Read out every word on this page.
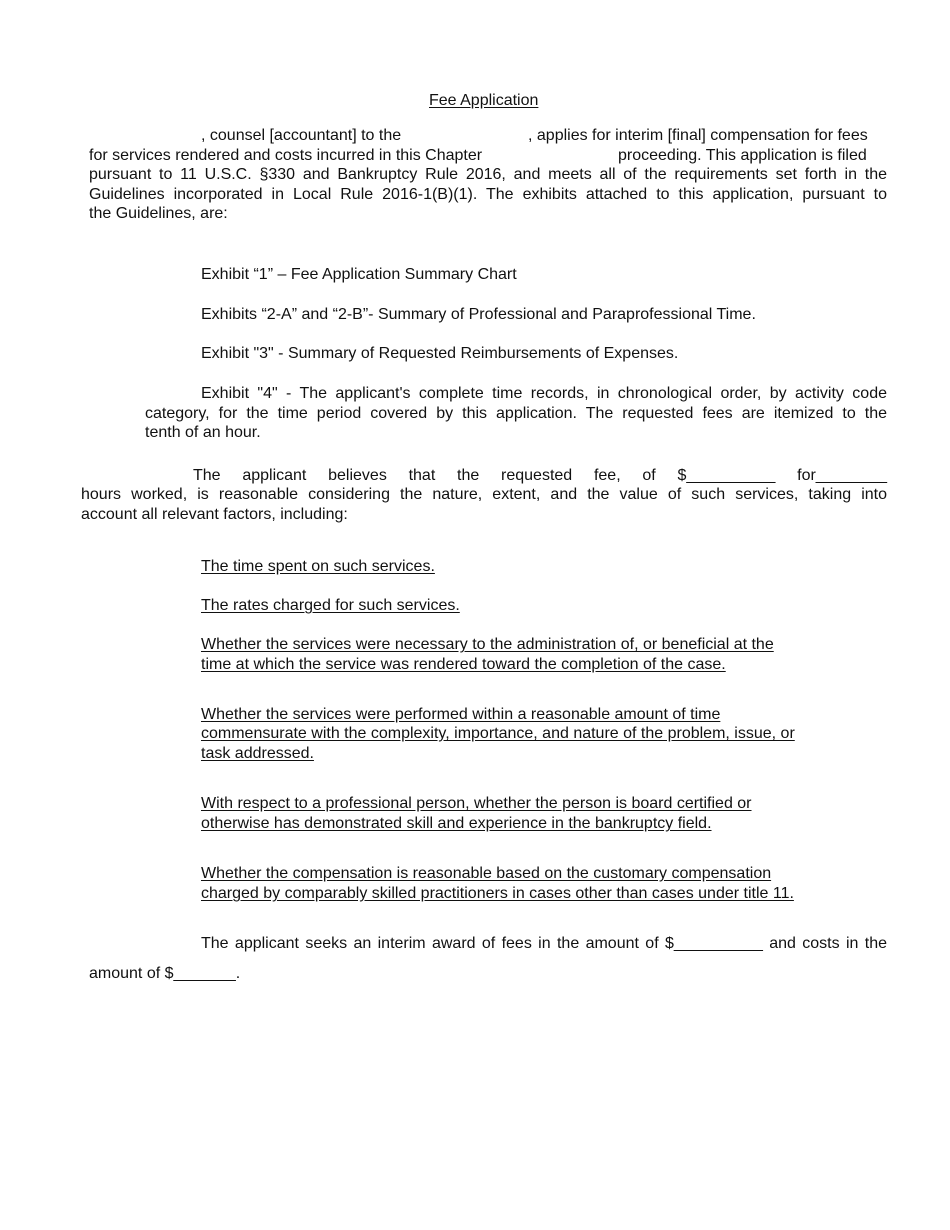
Fee Application
, counsel [accountant] to the	, applies for interim [final] compensation for fees
for services rendered and costs incurred in this Chapter	proceeding. This application is filed
pursuant to 11 U.S.C. §330 and Bankruptcy Rule 2016, and meets all of the requirements set forth in the
Guidelines incorporated in Local Rule 2016-1(B)(1). The exhibits attached to this application, pursuant to
the Guidelines, are:
Exhibit “1” – Fee Application Summary Chart
Exhibits “2-A” and “2-B”- Summary of Professional and Paraprofessional Time.
Exhibit "3" - Summary of Requested Reimbursements of Expenses.
Exhibit "4" - The applicant's complete time records, in chronological order, by activity code
category, for the time period covered by this application. The requested fees are itemized to the
tenth of an hour.
The applicant believes that the requested fee, of $__________ for________
hours worked, is reasonable considering the nature, extent, and the value of such services, taking into
account all relevant factors, including:
The time spent on such services.
The rates charged for such services.
Whether the services were necessary to the administration of, or beneficial at the
time at which the service was rendered toward the completion of the case.
Whether the services were performed within a reasonable amount of time
commensurate with the complexity, importance, and nature of the problem, issue, or
task addressed.
With respect to a professional person, whether the person is board certified or
otherwise has demonstrated skill and experience in the bankruptcy field.
Whether the compensation is reasonable based on the customary compensation
charged by comparably skilled practitioners in cases other than cases under title 11.
The applicant seeks an interim award of fees in the amount of $__________ and costs in the
amount of $_______.
